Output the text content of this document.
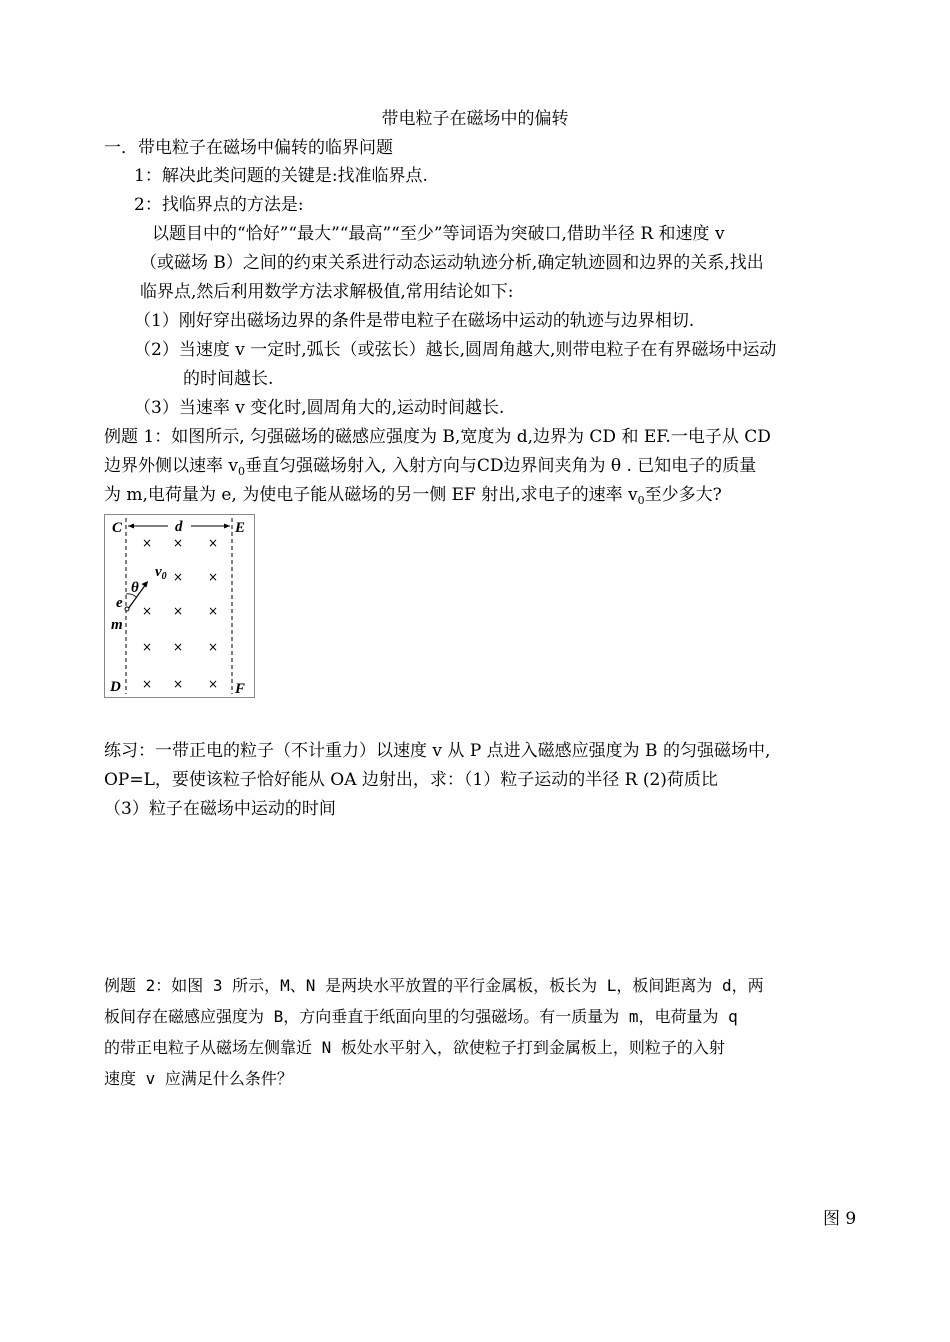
带电粒子在磁场中的偏转
一．带电粒子在磁场中偏转的临界问题
1：解决此类问题的关键是:找准临界点.
2：找临界点的方法是:
以题目中的“恰好”“最大”“最高”“至少”等词语为突破口,借助半径 R 和速度 v
（或磁场 B）之间的约束关系进行动态运动轨迹分析,确定轨迹圆和边界的关系,找出
临界点,然后利用数学方法求解极值,常用结论如下:
（1）刚好穿出磁场边界的条件是带电粒子在磁场中运动的轨迹与边界相切.
（2）当速度 v 一定时,弧长（或弦长）越长,圆周角越大,则带电粒子在有界磁场中运动
的时间越长.
（3）当速率 v 变化时,圆周角大的,运动时间越长.
例题 1：如图所示, 匀强磁场的磁感应强度为 B,宽度为 d,边界为 CD 和 EF.一电子从 CD
边界外侧以速率 $v_0$垂直匀强磁场射入, 入射方向与CD边界间夹角为 θ . 已知电子的质量
为 m,电荷量为 e, 为使电子能从磁场的另一侧 EF 射出,求电子的速率 $v_0$至少多大?
C	d	E
D	F
× × ×
× ×
× × ×
× × ×
× × ×
$v_0$
θ
e
m
练习：一带正电的粒子（不计重力）以速度 v 从 P 点进入磁感应强度为 B 的匀强磁场中,
OP=L，要使该粒子恰好能从 OA 边射出，求：（1）粒子运动的半径 R (2)荷质比
（3）粒子在磁场中运动的时间
例题 2：如图 3 所示，M、N 是两块水平放置的平行金属板，板长为 L，板间距离为 d，两
板间存在磁感应强度为 B，方向垂直于纸面向里的匀强磁场。有一质量为 m，电荷量为 q
的带正电粒子从磁场左侧靠近 N 板处水平射入，欲使粒子打到金属板上，则粒子的入射
速度 v 应满足什么条件？
图 9
